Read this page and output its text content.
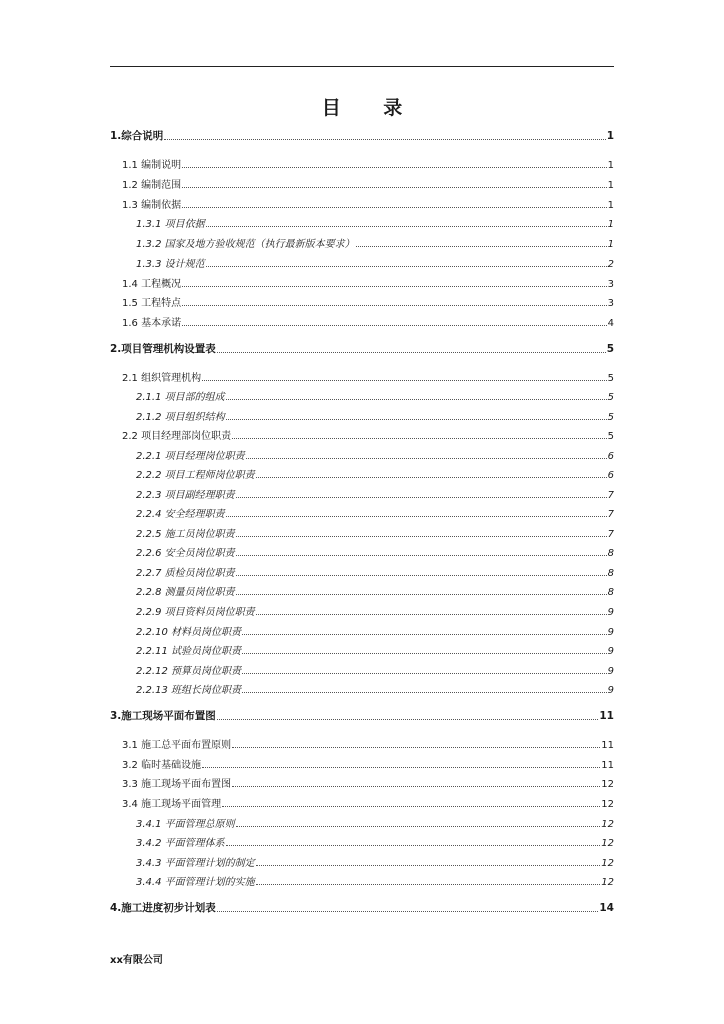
目 录
1.综合说明	1
1.1 编制说明	1
1.2 编制范围	1
1.3 编制依据	1
1.3.1 项目依据	1
1.3.2 国家及地方验收规范（执行最新版本要求）	1
1.3.3 设计规范	2
1.4 工程概况	3
1.5 工程特点	3
1.6 基本承诺	4
2.项目管理机构设置表	5
2.1 组织管理机构	5
2.1.1 项目部的组成	5
2.1.2 项目组织结构	5
2.2 项目经理部岗位职责	5
2.2.1 项目经理岗位职责	6
2.2.2 项目工程师岗位职责	6
2.2.3 项目副经理职责	7
2.2.4 安全经理职责	7
2.2.5 施工员岗位职责	7
2.2.6 安全员岗位职责	8
2.2.7 质检员岗位职责	8
2.2.8 测量员岗位职责	8
2.2.9 项目资料员岗位职责	9
2.2.10 材料员岗位职责	9
2.2.11 试验员岗位职责	9
2.2.12 预算员岗位职责	9
2.2.13 班组长岗位职责	9
3.施工现场平面布置图	11
3.1 施工总平面布置原则	11
3.2 临时基础设施	11
3.3 施工现场平面布置图	12
3.4 施工现场平面管理	12
3.4.1 平面管理总原则	12
3.4.2 平面管理体系	12
3.4.3 平面管理计划的制定	12
3.4.4 平面管理计划的实施	12
4.施工进度初步计划表	14
xx有限公司
